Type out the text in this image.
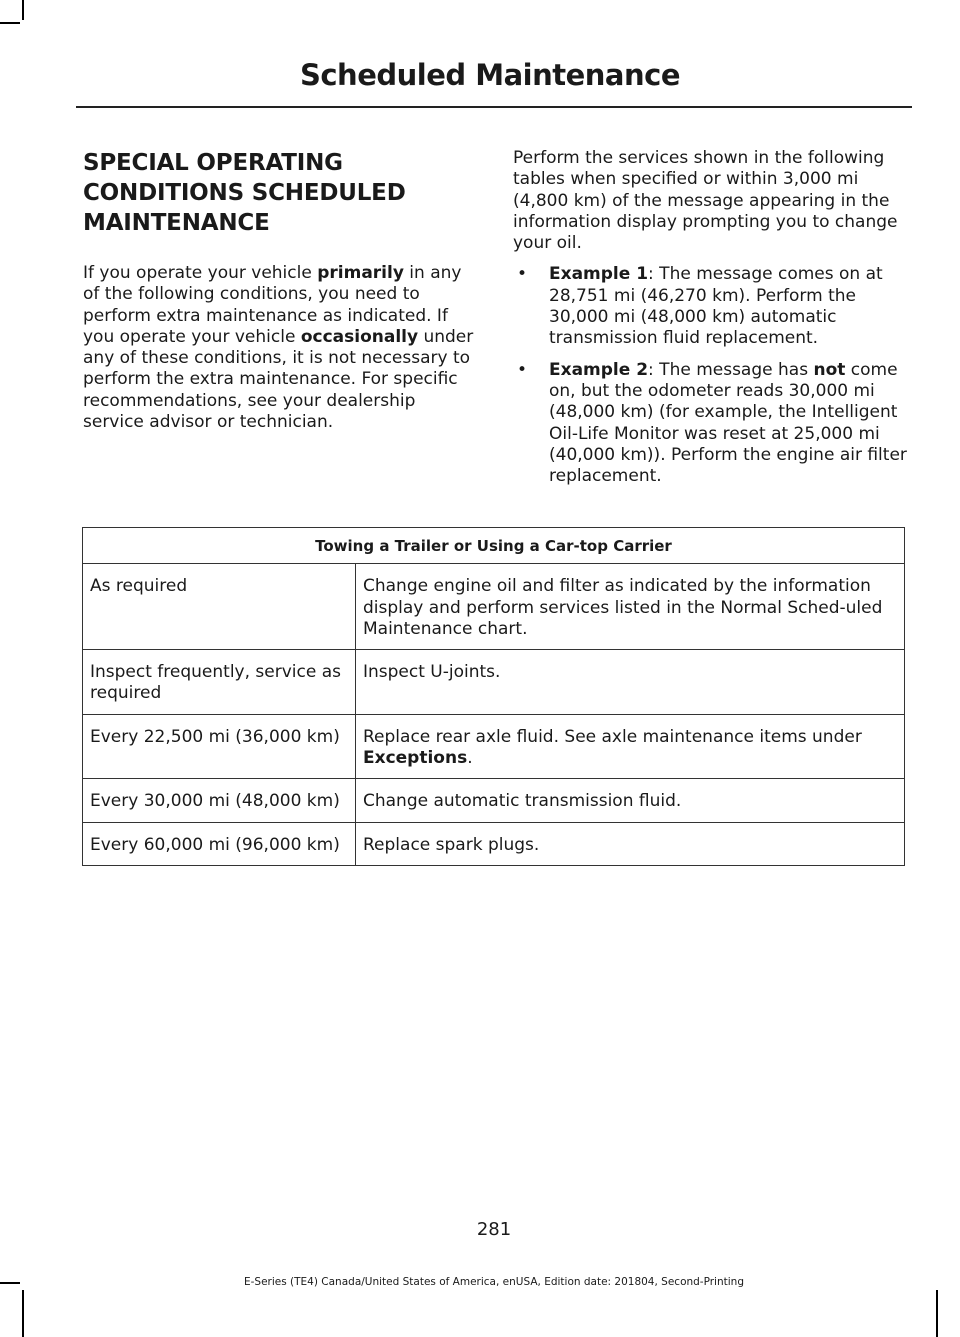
Scheduled Maintenance
SPECIAL OPERATING
CONDITIONS SCHEDULED
MAINTENANCE

If you operate your vehicle primarily in any of the following conditions, you need to perform extra maintenance as indicated. If you operate your vehicle occasionally under any of these conditions, it is not necessary to perform the extra maintenance. For specific recommendations, see your dealership service advisor or technician.

Perform the services shown in the following tables when specified or within 3,000 mi (4,800 km) of the message appearing in the information display prompting you to change your oil.

• Example 1: The message comes on at 28,751 mi (46,270 km). Perform the 30,000 mi (48,000 km) automatic transmission fluid replacement.
• Example 2: The message has not come on, but the odometer reads 30,000 mi (48,000 km) (for example, the Intelligent Oil-Life Monitor was reset at 25,000 mi (40,000 km)). Perform the engine air filter replacement.
Towing a Trailer or Using a Car-top Carrier	
As required	Change engine oil and filter as indicated by the information display and perform services listed in the Normal Sched-uled Maintenance chart.
Inspect frequently, service as required	Inspect U-joints.
Every 22,500 mi (36,000 km)	Replace rear axle fluid. See axle maintenance items under Exceptions.
Every 30,000 mi (48,000 km)	Change automatic transmission fluid.
Every 60,000 mi (96,000 km)	Replace spark plugs.
281
E-Series (TE4) Canada/United States of America, enUSA, Edition date: 201804, Second-Printing
